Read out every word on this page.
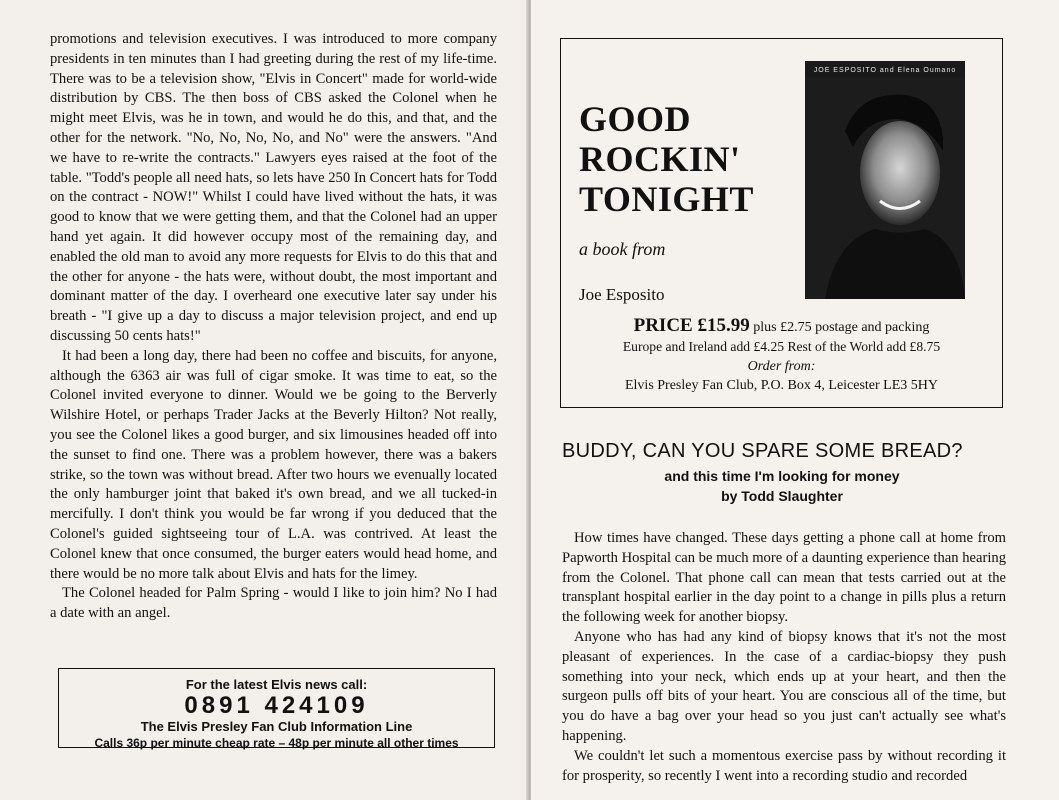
promotions and television executives. I was introduced to more company presidents in ten minutes than I had greeting during the rest of my life-time. There was to be a television show, "Elvis in Concert" made for world-wide distribution by CBS. The then boss of CBS asked the Colonel when he might meet Elvis, was he in town, and would he do this, and that, and the other for the network. "No, No, No, No, and No" were the answers. "And we have to re-write the contracts." Lawyers eyes raised at the foot of the table. "Todd's people all need hats, so lets have 250 In Concert hats for Todd on the contract - NOW!" Whilst I could have lived without the hats, it was good to know that we were getting them, and that the Colonel had an upper hand yet again. It did however occupy most of the remaining day, and enabled the old man to avoid any more requests for Elvis to do this that and the other for anyone - the hats were, without doubt, the most important and dominant matter of the day. I overheard one executive later say under his breath - "I give up a day to discuss a major television project, and end up discussing 50 cents hats!"

It had been a long day, there had been no coffee and biscuits, for anyone, although the 6363 air was full of cigar smoke. It was time to eat, so the Colonel invited everyone to dinner. Would we be going to the Berverly Wilshire Hotel, or perhaps Trader Jacks at the Beverly Hilton? Not really, you see the Colonel likes a good burger, and six limousines headed off into the sunset to find one. There was a problem however, there was a bakers strike, so the town was without bread. After two hours we evenually located the only hamburger joint that baked it's own bread, and we all tucked-in mercifully. I don't think you would be far wrong if you deduced that the Colonel's guided sightseeing tour of L.A. was contrived. At least the Colonel knew that once consumed, the burger eaters would head home, and there would be no more talk about Elvis and hats for the limey.

The Colonel headed for Palm Spring - would I like to join him? No I had a date with an angel.

For the latest Elvis news call:
0891 424109
The Elvis Presley Fan Club Information Line
Calls 36p per minute cheap rate – 48p per minute all other times
GOOD
ROCKIN'
TONIGHT
a book from
Joe Esposito
JOE ESPOSITO and Elena Oumano
PRICE £15.99 plus £2.75 postage and packing
Europe and Ireland add £4.25 Rest of the World add £8.75
Order from:
Elvis Presley Fan Club, P.O. Box 4, Leicester LE3 5HY
BUDDY, CAN YOU SPARE SOME BREAD?
and this time I'm looking for money
by Todd Slaughter

How times have changed. These days getting a phone call at home from Papworth Hospital can be much more of a daunting experience than hearing from the Colonel. That phone call can mean that tests carried out at the transplant hospital earlier in the day point to a change in pills plus a return the following week for another biopsy.

Anyone who has had any kind of biopsy knows that it's not the most pleasant of experiences. In the case of a cardiac-biopsy they push something into your neck, which ends up at your heart, and then the surgeon pulls off bits of your heart. You are conscious all of the time, but you do have a bag over your head so you just can't actually see what's happening.

We couldn't let such a momentous exercise pass by without recording it for prosperity, so recently I went into a recording studio and recorded
